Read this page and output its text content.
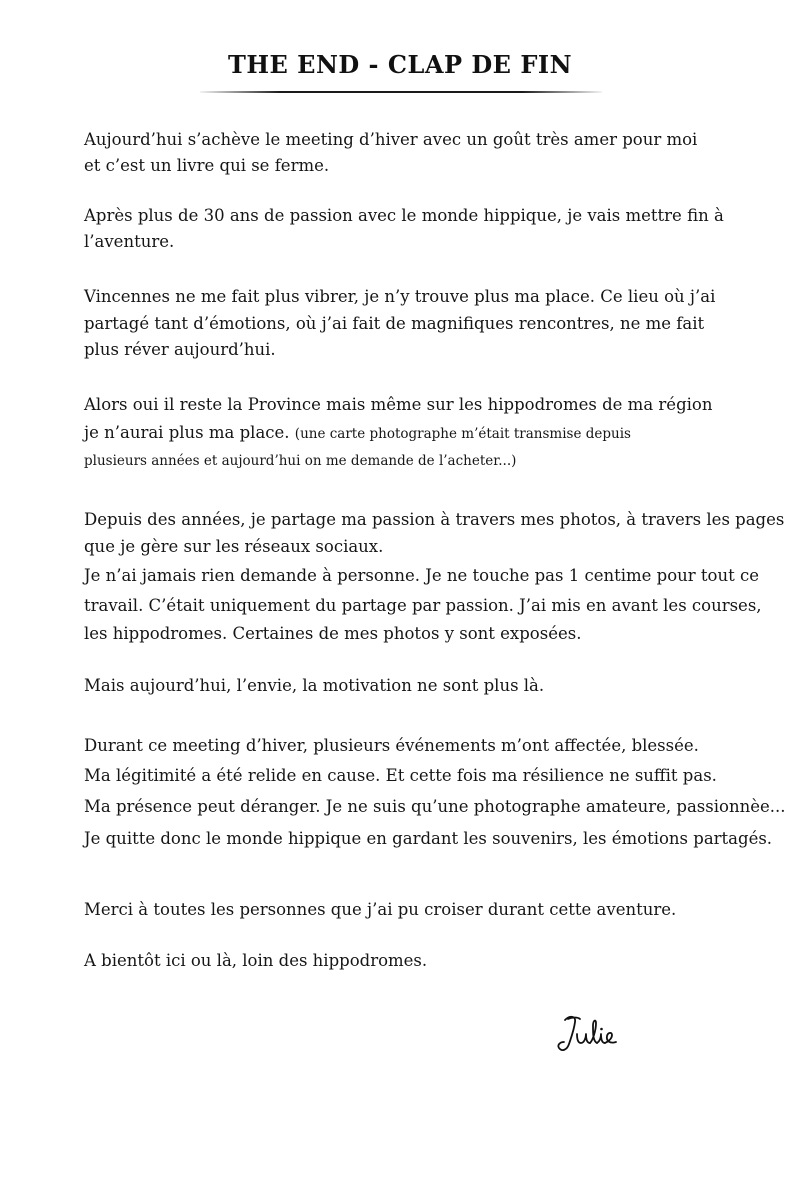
THE END - CLAP DE FIN
Aujourd’hui s’achève le meeting d’hiver avec un goût très amer pour moi
et c’est un livre qui se ferme.
Après plus de 30 ans de passion avec le monde hippique, je vais mettre fin à
l’aventure.
Vincennes ne me fait plus vibrer, je n’y trouve plus ma place. Ce lieu où j’ai
partagé tant d’émotions, où j’ai fait de magnifiques rencontres, ne me fait
plus réver aujourd’hui.
Alors oui il reste la Province mais même sur les hippodromes de ma région
je n’aurai plus ma place. (une carte photographe m’était transmise depuis
plusieurs années et aujourd’hui on me demande de l’acheter...)
Depuis des années, je partage ma passion à travers mes photos, à travers les pages
que je gère sur les réseaux sociaux.
Je n’ai jamais rien demande à personne. Je ne touche pas 1 centime pour tout ce
travail. C’était uniquement du partage par passion. J’ai mis en avant les courses,
les hippodromes. Certaines de mes photos y sont exposées.
Mais aujourd’hui, l’envie, la motivation ne sont plus là.
Durant ce meeting d’hiver, plusieurs événements m’ont affectée, blessée.
Ma légitimité a été relide en cause. Et cette fois ma résilience ne suffit pas.
Ma présence peut déranger. Je ne suis qu’une photographe amateure, passionnèe...
Je quitte donc le monde hippique en gardant les souvenirs, les émotions partagés.
Merci à toutes les personnes que j’ai pu croiser durant cette aventure.
A bientôt ici ou là, loin des hippodromes.
